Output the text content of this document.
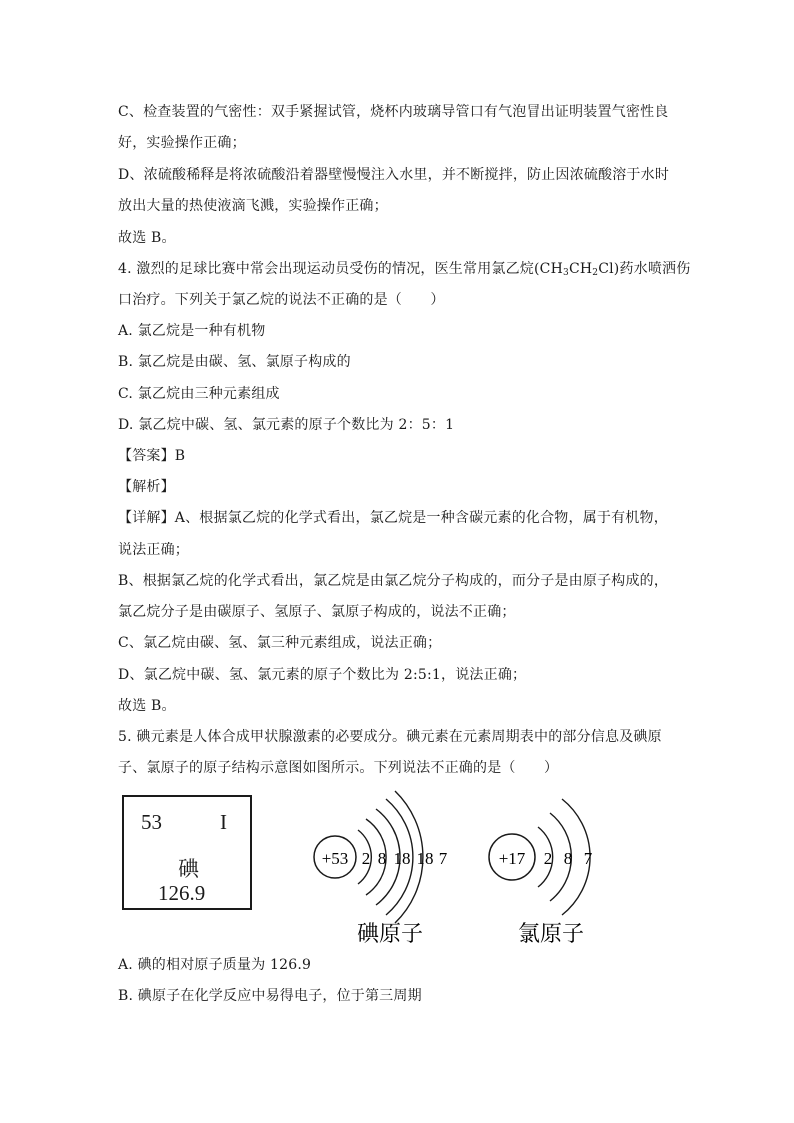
C、检查装置的气密性：双手紧握试管，烧杯内玻璃导管口有气泡冒出证明装置气密性良
好，实验操作正确；
D、浓硫酸稀释是将浓硫酸沿着器壁慢慢注入水里，并不断搅拌，防止因浓硫酸溶于水时
放出大量的热使液滴飞溅，实验操作正确；
故选 B。
4. 激烈的足球比赛中常会出现运动员受伤的情况，医生常用氯乙烷$(CH_3CH_2Cl)$药水喷洒伤
口治疗。下列关于氯乙烷的说法不正确的是（　　）
A. 氯乙烷是一种有机物
B. 氯乙烷是由碳、氢、氯原子构成的
C. 氯乙烷由三种元素组成
D. 氯乙烷中碳、氢、氯元素的原子个数比为 2：5：1
【答案】B
【解析】
【详解】A、根据氯乙烷的化学式看出，氯乙烷是一种含碳元素的化合物，属于有机物，
说法正确；
B、根据氯乙烷的化学式看出，氯乙烷是由氯乙烷分子构成的，而分子是由原子构成的，
氯乙烷分子是由碳原子、氢原子、氯原子构成的，说法不正确；
C、氯乙烷由碳、氢、氯三种元素组成，说法正确；
D、氯乙烷中碳、氢、氯元素的原子个数比为 2:5:1，说法正确；
故选 B。
5. 碘元素是人体合成甲状腺激素的必要成分。碘元素在元素周期表中的部分信息及碘原
子、氯原子的原子结构示意图如图所示。下列说法不正确的是（　　）
53	I
碘
126.9
+53 2 8 18 18 7
碘原子
+17 2 8 7
氯原子
A. 碘的相对原子质量为 126.9
B. 碘原子在化学反应中易得电子，位于第三周期
